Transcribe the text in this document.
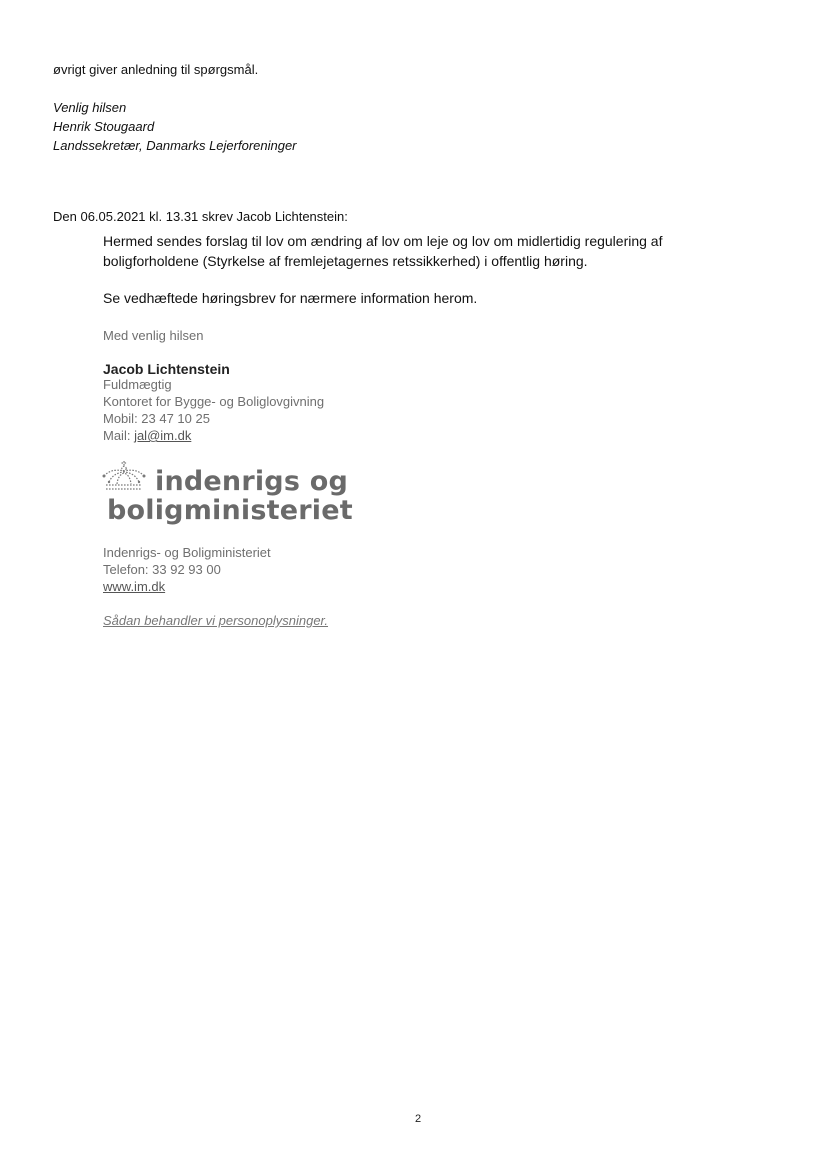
øvrigt giver anledning til spørgsmål.
Venlig hilsen
Henrik Stougaard
Landssekretær, Danmarks Lejerforeninger
Den 06.05.2021 kl. 13.31 skrev Jacob Lichtenstein:
Hermed sendes forslag til lov om ændring af lov om leje og lov om midlertidig regulering af
boligforholdene (Styrkelse af fremlejetagernes retssikkerhed) i offentlig høring.
Se vedhæftede høringsbrev for nærmere information herom.
Med venlig hilsen
Jacob Lichtenstein
Fuldmægtig
Kontoret for Bygge- og Boliglovgivning
Mobil: 23 47 10 25
Mail: jal@im.dk
indenrigs og
boligministeriet
Indenrigs- og Boligministeriet
Telefon: 33 92 93 00
www.im.dk
Sådan behandler vi personoplysninger.
2
